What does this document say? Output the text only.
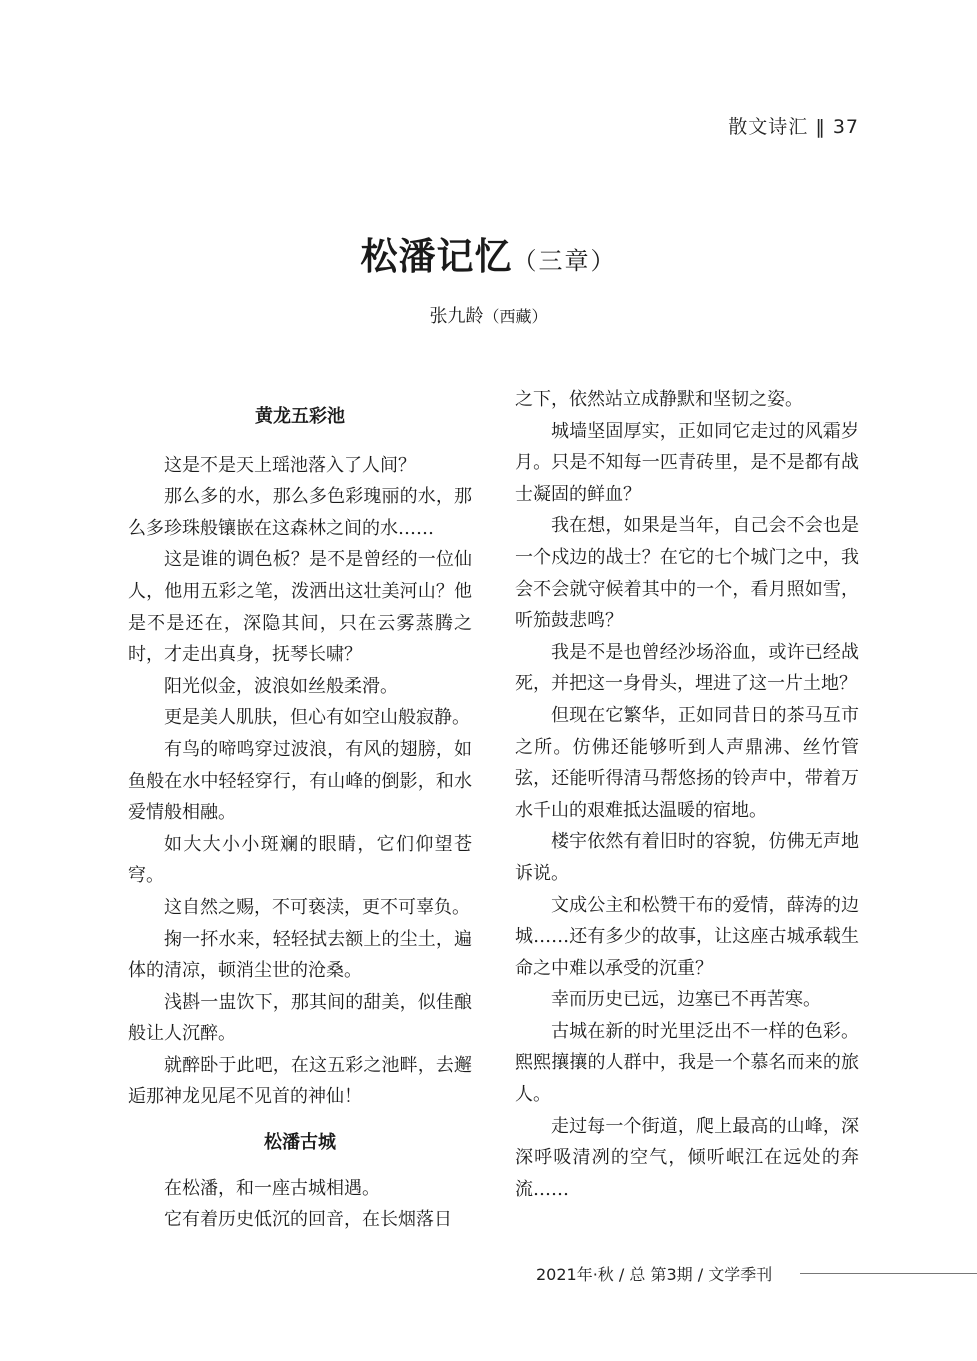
散文诗汇 ‖ 37
松潘记忆（三章）
张九龄（西藏）
黄龙五彩池

这是不是天上瑶池落入了人间？

那么多的水，那么多色彩瑰丽的水，那么多珍珠般镶嵌在这森林之间的水……

这是谁的调色板？是不是曾经的一位仙人，他用五彩之笔，泼洒出这壮美河山？他是不是还在，深隐其间，只在云雾蒸腾之时，才走出真身，抚琴长啸？

阳光似金，波浪如丝般柔滑。

更是美人肌肤，但心有如空山般寂静。

有鸟的啼鸣穿过波浪，有风的翅膀，如鱼般在水中轻轻穿行，有山峰的倒影，和水爱情般相融。

如大大小小斑斓的眼睛，它们仰望苍穹。

这自然之赐，不可亵渎，更不可辜负。

掬一抔水来，轻轻拭去额上的尘土，遍体的清凉，顿消尘世的沧桑。

浅斟一盅饮下，那其间的甜美，似佳酿般让人沉醉。

就醉卧于此吧，在这五彩之池畔，去邂逅那神龙见尾不见首的神仙！

松潘古城

在松潘，和一座古城相遇。

它有着历史低沉的回音，在长烟落日

之下，依然站立成静默和坚韧之姿。

城墙坚固厚实，正如同它走过的风霜岁月。只是不知每一匹青砖里，是不是都有战士凝固的鲜血？

我在想，如果是当年，自己会不会也是一个戍边的战士？在它的七个城门之中，我会不会就守候着其中的一个，看月照如雪，听笳鼓悲鸣？

我是不是也曾经沙场浴血，或许已经战死，并把这一身骨头，埋进了这一片土地？

但现在它繁华，正如同昔日的茶马互市之所。仿佛还能够听到人声鼎沸、丝竹管弦，还能听得清马帮悠扬的铃声中，带着万水千山的艰难抵达温暖的宿地。

楼宇依然有着旧时的容貌，仿佛无声地诉说。

文成公主和松赞干布的爱情，薛涛的边城……还有多少的故事，让这座古城承载生命之中难以承受的沉重？

幸而历史已远，边塞已不再苦寒。

古城在新的时光里泛出不一样的色彩。熙熙攘攘的人群中，我是一个慕名而来的旅人。

走过每一个街道，爬上最高的山峰，深深呼吸清冽的空气，倾听岷江在远处的奔流……

2021年·秋 / 总 第3期 / 文学季刊
